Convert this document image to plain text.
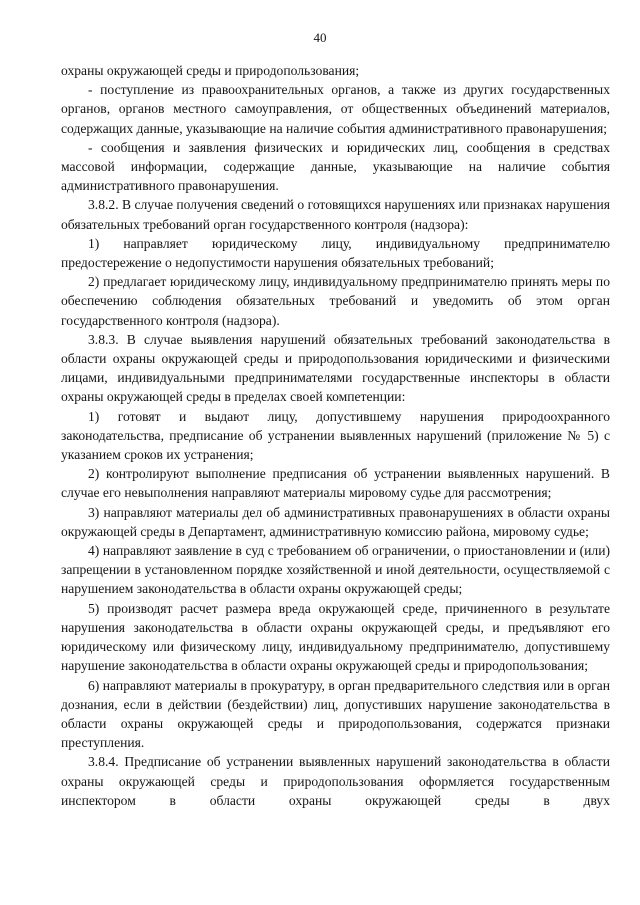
40

охраны окружающей среды и природопользования;

- поступление из правоохранительных органов, а также из других государственных органов, органов местного самоуправления, от общественных объединений материалов, содержащих данные, указывающие на наличие события административного правонарушения;

- сообщения и заявления физических и юридических лиц, сообщения в средствах массовой информации, содержащие данные, указывающие на наличие события административного правонарушения.

3.8.2. В случае получения сведений о готовящихся нарушениях или признаках нарушения обязательных требований орган государственного контроля (надзора):

1) направляет юридическому лицу, индивидуальному предпринимателю предостережение о недопустимости нарушения обязательных требований;

2) предлагает юридическому лицу, индивидуальному предпринимателю принять меры по обеспечению соблюдения обязательных требований и уведомить об этом орган государственного контроля (надзора).

3.8.3. В случае выявления нарушений обязательных требований законодательства в области охраны окружающей среды и природопользования юридическими и физическими лицами, индивидуальными предпринимателями государственные инспекторы в области охраны окружающей среды в пределах своей компетенции:

1) готовят и выдают лицу, допустившему нарушения природоохранного законодательства, предписание об устранении выявленных нарушений (приложение № 5) с указанием сроков их устранения;

2) контролируют выполнение предписания об устранении выявленных нарушений. В случае его невыполнения направляют материалы мировому судье для рассмотрения;

3) направляют материалы дел об административных правонарушениях в области охраны окружающей среды в Департамент, административную комиссию района, мировому судье;

4) направляют заявление в суд с требованием об ограничении, о приостановлении и (или) запрещении в установленном порядке хозяйственной и иной деятельности, осуществляемой с нарушением законодательства в области охраны окружающей среды;

5) производят расчет размера вреда окружающей среде, причиненного в результате нарушения законодательства в области охраны окружающей среды, и предъявляют его юридическому или физическому лицу, индивидуальному предпринимателю, допустившему нарушение законодательства в области охраны окружающей среды и природопользования;

6) направляют материалы в прокуратуру, в орган предварительного следствия или в орган дознания, если в действии (бездействии) лиц, допустивших нарушение законодательства в области охраны окружающей среды и природопользования, содержатся признаки преступления.

3.8.4. Предписание об устранении выявленных нарушений законодательства в области охраны окружающей среды и природопользования оформляется государственным инспектором в области охраны окружающей среды в двух
